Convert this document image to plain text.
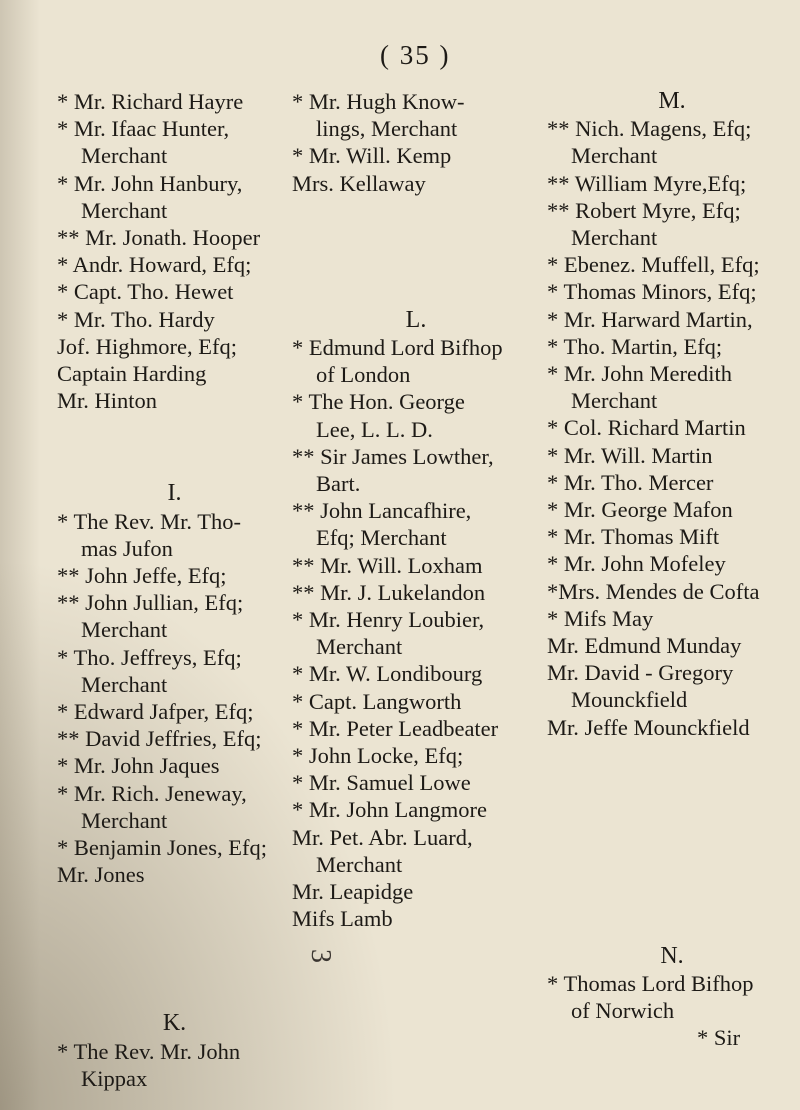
( 35 )
* Mr. Richard Hayre
* Mr. Ifaac Hunter,
Merchant
* Mr. John Hanbury,
Merchant
** Mr. Jonath. Hooper
* Andr. Howard, Efq;
* Capt. Tho. Hewet
* Mr. Tho. Hardy
Jof. Highmore, Efq;
Captain Harding
Mr. Hinton
I.
* The Rev. Mr. Tho-
mas Jufon
** John Jeffe, Efq;
** John Jullian, Efq;
Merchant
* Tho. Jeffreys, Efq;
Merchant
* Edward Jafper, Efq;
** David Jeffries, Efq;
* Mr. John Jaques
* Mr. Rich. Jeneway,
Merchant
* Benjamin Jones, Efq;
Mr. Jones
K.
* The Rev. Mr. John
Kippax
* Mr. Hugh Know-
lings, Merchant
* Mr. Will. Kemp
Mrs. Kellaway
L.
* Edmund Lord Bifhop
of London
* The Hon. George
Lee, L. L. D.
** Sir James Lowther,
Bart.
** John Lancafhire,
Efq; Merchant
** Mr. Will. Loxham
** Mr. J. Lukelandon
* Mr. Henry Loubier,
Merchant
* Mr. W. Londibourg
* Capt. Langworth
* Mr. Peter Leadbeater
* John Locke, Efq;
* Mr. Samuel Lowe
* Mr. John Langmore
Mr. Pet. Abr. Luard,
Merchant
Mr. Leapidge
Mifs Lamb
M.
** Nich. Magens, Efq;
Merchant
** William Myre,Efq;
** Robert Myre, Efq;
Merchant
* Ebenez. Muffell, Efq;
* Thomas Minors, Efq;
* Mr. Harward Martin,
* Tho. Martin, Efq;
* Mr. John Meredith
Merchant
* Col. Richard Martin
* Mr. Will. Martin
* Mr. Tho. Mercer
* Mr. George Mafon
* Mr. Thomas Mift
* Mr. John Mofeley
*Mrs. Mendes de Cofta
* Mifs May
Mr. Edmund Munday
Mr. David - Gregory
Mounckfield
Mr. Jeffe Mounckfield
N.
* Thomas Lord Bifhop
of Norwich
* Sir
3
